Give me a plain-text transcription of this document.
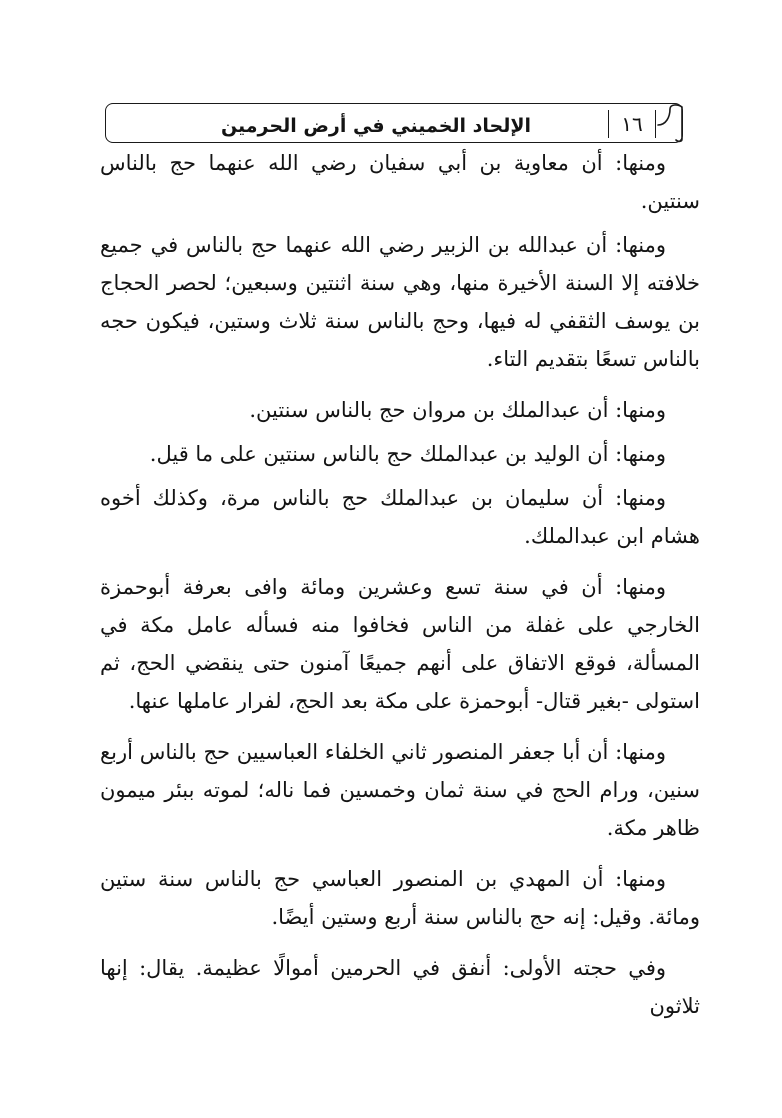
الإلحاد الخميني في أرض الحرمين	١٦

ومنها: أن معاوية بن أبي سفيان رضي الله عنهما حج بالناس سنتين.

ومنها: أن عبدالله بن الزبير رضي الله عنهما حج بالناس في جميع خلافته إلا السنة الأخيرة منها، وهي سنة اثنتين وسبعين؛ لحصر الحجاج بن يوسف الثقفي له فيها، وحج بالناس سنة ثلاث وستين، فيكون حجه بالناس تسعًا بتقديم التاء.

ومنها: أن عبدالملك بن مروان حج بالناس سنتين.

ومنها: أن الوليد بن عبدالملك حج بالناس سنتين على ما قيل.

ومنها: أن سليمان بن عبدالملك حج بالناس مرة، وكذلك أخوه هشام ابن عبدالملك.

ومنها: أن في سنة تسع وعشرين ومائة وافى بعرفة أبوحمزة الخارجي على غفلة من الناس فخافوا منه فسأله عامل مكة في المسألة، فوقع الاتفاق على أنهم جميعًا آمنون حتى ينقضي الحج، ثم استولى -بغير قتال- أبوحمزة على مكة بعد الحج، لفرار عاملها عنها.

ومنها: أن أبا جعفر المنصور ثاني الخلفاء العباسيين حج بالناس أربع سنين، ورام الحج في سنة ثمان وخمسين فما ناله؛ لموته ببئر ميمون ظاهر مكة.

ومنها: أن المهدي بن المنصور العباسي حج بالناس سنة ستين ومائة. وقيل: إنه حج بالناس سنة أربع وستين أيضًا.

وفي حجته الأولى: أنفق في الحرمين أموالًا عظيمة. يقال: إنها ثلاثون
